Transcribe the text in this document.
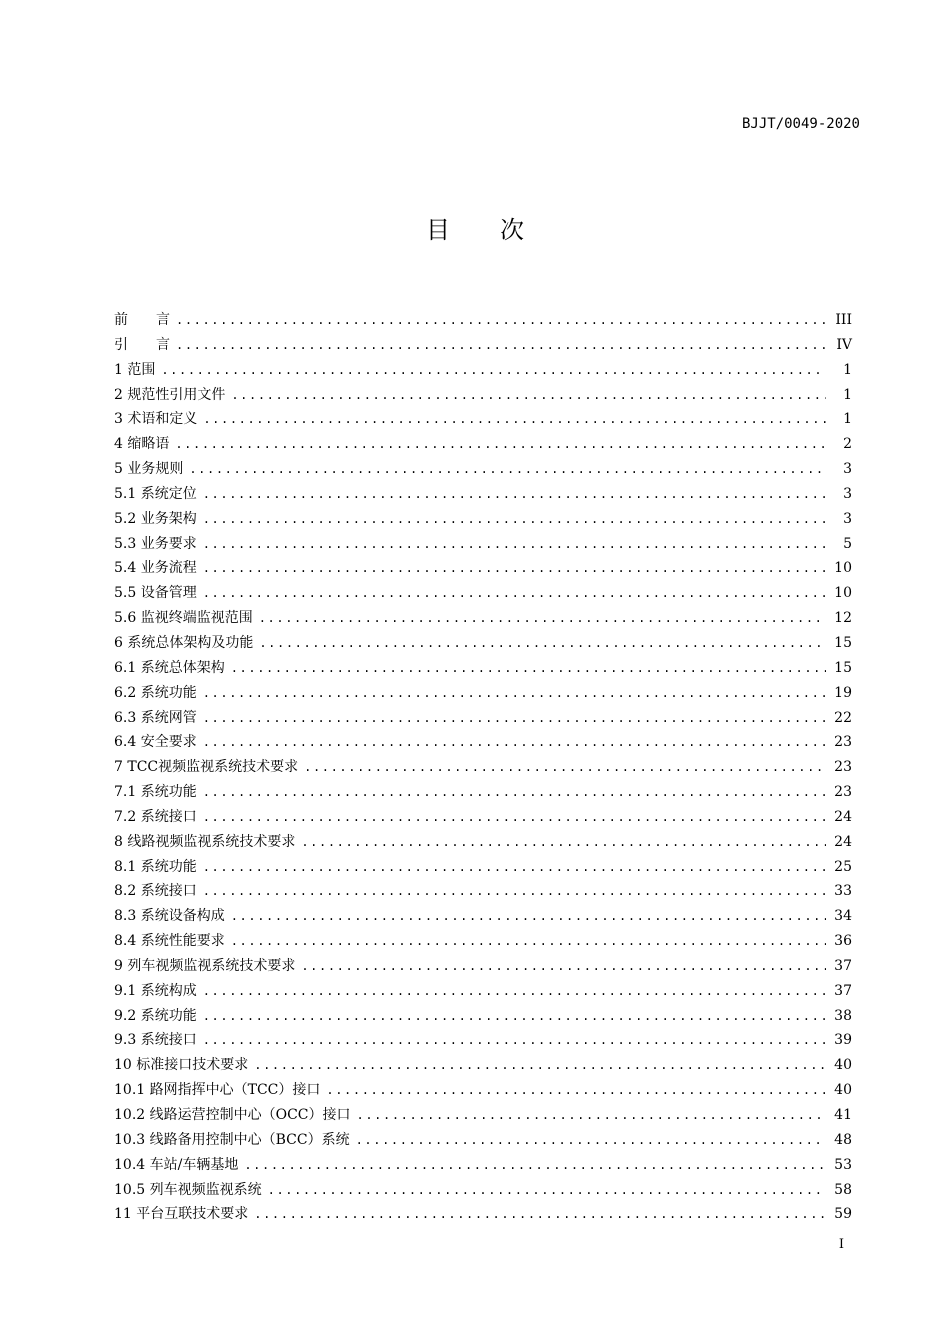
BJJT/0049-2020
目次
前　　言 .....	III
引　　言 .....	IV
1 范围 .....	1
2 规范性引用文件 .....	1
3 术语和定义 .....	1
4 缩略语 .....	2
5 业务规则 .....	3
5.1 系统定位 .....	3
5.2 业务架构 .....	3
5.3 业务要求 .....	5
5.4 业务流程 .....	10
5.5 设备管理 .....	10
5.6 监视终端监视范围 .....	12
6 系统总体架构及功能 .....	15
6.1 系统总体架构 .....	15
6.2 系统功能 .....	19
6.3 系统网管 .....	22
6.4 安全要求 .....	23
7 TCC视频监视系统技术要求 .....	23
7.1 系统功能 .....	23
7.2 系统接口 .....	24
8 线路视频监视系统技术要求 .....	24
8.1 系统功能 .....	25
8.2 系统接口 .....	33
8.3 系统设备构成 .....	34
8.4 系统性能要求 .....	36
9 列车视频监视系统技术要求 .....	37
9.1 系统构成 .....	37
9.2 系统功能 .....	38
9.3 系统接口 .....	39
10 标准接口技术要求 .....	40
10.1 路网指挥中心（TCC）接口 .....	40
10.2 线路运营控制中心（OCC）接口 .....	41
10.3 线路备用控制中心（BCC）系统 .....	48
10.4 车站/车辆基地 .....	53
10.5 列车视频监视系统 .....	58
11 平台互联技术要求 .....	59
I
